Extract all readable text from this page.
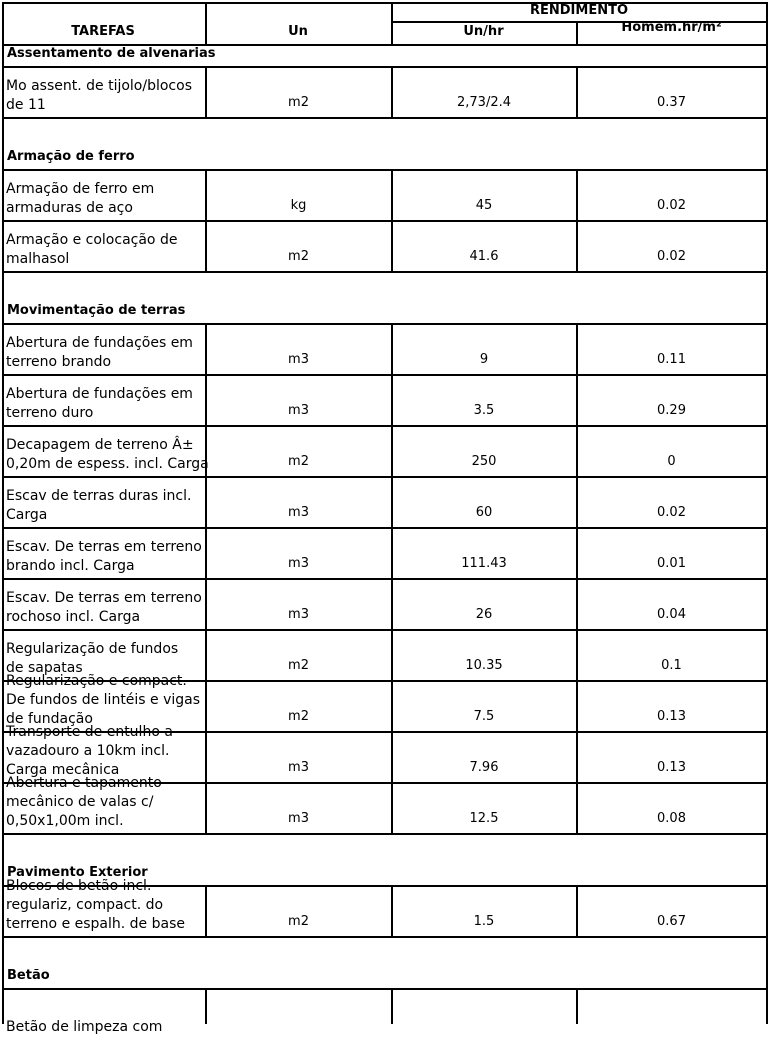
TAREFAS	Un
RENDIMENTO
Un/hr	Homem.hr/m²
Assentamento de alvenarias
Mo assent. de tijolo/blocos
de 11	m2	2,73/2.4	0.37
Armação de ferro
Armação de ferro em
armaduras de aço	kg	45	0.02
Armação e colocação de
malhasol	m2	41.6	0.02
Movimentação de terras
Abertura de fundações em
terreno brando	m3	9	0.11
Abertura de fundações em
terreno duro	m3	3.5	0.29
Decapagem de terreno Â±
0,20m de espess. incl. Carga	m2	250	0
Escav de terras duras incl.
Carga	m3	60	0.02
Escav. De terras em terreno
brando incl. Carga	m3	111.43	0.01
Escav. De terras em terreno
rochoso incl. Carga	m3	26	0.04
Regularização de fundos
de sapatas	m2	10.35	0.1
Regularização e compact.
De fundos de lintéis e vigas
de fundação	m2	7.5	0.13
Transporte de entulho a
vazadouro a 10km incl.
Carga mecânica	m3	7.96	0.13
Abertura e tapamento
mecânico de valas c/
0,50x1,00m incl.	m3	12.5	0.08
Pavimento Exterior
Blocos de betão incl.
regulariz, compact. do
terreno e espalh. de base	m2	1.5	0.67
Betão
Betão de limpeza com
